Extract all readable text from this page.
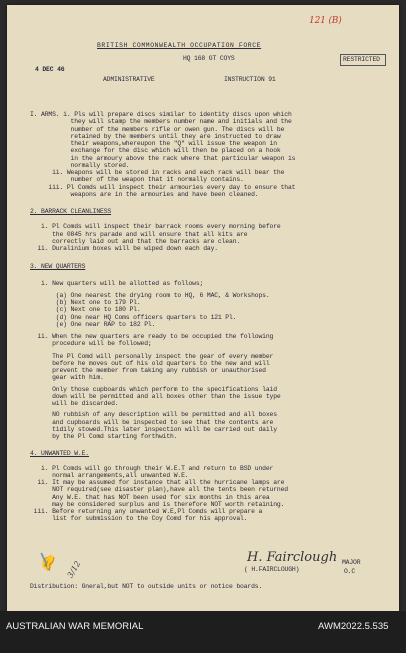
121 (B)
BRITISH COMMONWEALTH OCCUPATION FORCE
4 DEC 46
HQ 168 GT COYS
ADMINISTRATIVE	INSTRUCTION 91
RESTRICTED
I. ARMS. i. Pls will prepare discs similar to identity discs upon which
they will stamp the members number name and initials and the
number of the members rifle or owen gun. The discs will be
retained by the members until they are instructed to draw
their weapons,whereupon the "Q" will issue the weapon in
exchange for the disc which will then be placed on a hook
in the armoury above the rack where that particular weapon is
normally stored.
ii. Weapons will be stored in racks and each rack will bear the
number of the weapon that it normally contains.
iii. Pl Comds will inspect their armouries every day to ensure that
weapons are in the armouries and have been cleaned.
2. BARRACK CLEANLINESS
i. Pl Comds will inspect their barrack rooms every morning before
the 0845 hrs parade and will ensure that all kits are
correctly laid out and that the barracks are clean.
ii. Duralinium boxes will be wiped down each day.
3. NEW QUARTERS
i. New quarters will be allotted as follows;
(a) One nearest the drying room to HQ, 6 MAC, & Workshops.
(b) Next one to 179 Pl.
(c) Next one to 180 Pl.
(d) One near HQ Coms officers quarters to 121 Pl.
(e) One near RAP to 182 Pl.
ii. When the new quarters are ready to be occupied the following
procedure will be followed;
The Pl Comd will personally inspect the gear of every member
before he moves out of his old quarters to the new and will
prevent the member from taking any rubbish or unauthorised
gear with him.
Only those cupboards which perform to the specifications laid
down will be permitted and all boxes other than the issue type
will be discarded.
NO rubbish of any description will be permitted and all boxes
and cupboards will be inspected to see that the contents are
tidily stowed.This later inspection will be carried out daily
by the Pl Comd starting forthwith.
4. UNWANTED W.E.
i. Pl Comds will go through their W.E.T and return to BSD under
normal arrangements,all unwanted W.E.
ii. It may be assumed for instance that all the hurricane lamps are
NOT required(see disaster plan),have all the tents been returned
Any W.E. that has NOT been used for six months in this area
may be considered surplus and is therefore NOT worth retaining.
iii. Before returning any unwanted W.E,Pl Comds will prepare a
list for submission to the Coy Comd for his approval.
H. Fairclough
( H.FAIRCLOUGH)
MAJOR
O.C
✍ 3/12
Distribution: Gneral,but NOT to outside units or notice boards.
AUSTRALIAN WAR MEMORIAL	AWM2022.5.535
